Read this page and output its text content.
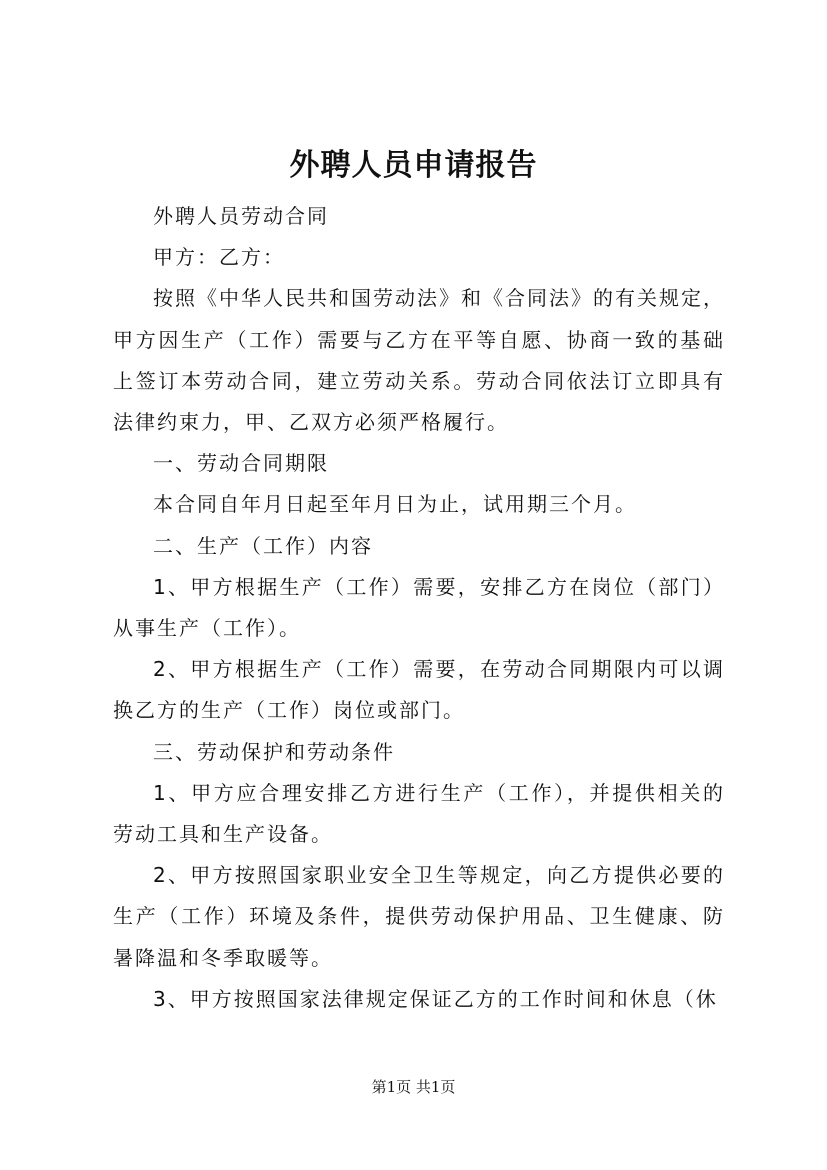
外聘人员申请报告

外聘人员劳动合同

甲方：乙方：

按照《中华人民共和国劳动法》和《合同法》的有关规定，甲方因生产（工作）需要与乙方在平等自愿、协商一致的基础上签订本劳动合同，建立劳动关系。劳动合同依法订立即具有法律约束力，甲、乙双方必须严格履行。

一、劳动合同期限

本合同自年月日起至年月日为止，试用期三个月。

二、生产（工作）内容

1、甲方根据生产（工作）需要，安排乙方在岗位（部门）从事生产（工作）。

2、甲方根据生产（工作）需要，在劳动合同期限内可以调换乙方的生产（工作）岗位或部门。

三、劳动保护和劳动条件

1、甲方应合理安排乙方进行生产（工作），并提供相关的劳动工具和生产设备。

2、甲方按照国家职业安全卫生等规定，向乙方提供必要的生产（工作）环境及条件，提供劳动保护用品、卫生健康、防暑降温和冬季取暖等。

3、甲方按照国家法律规定保证乙方的工作时间和休息（休

第1页 共1页
